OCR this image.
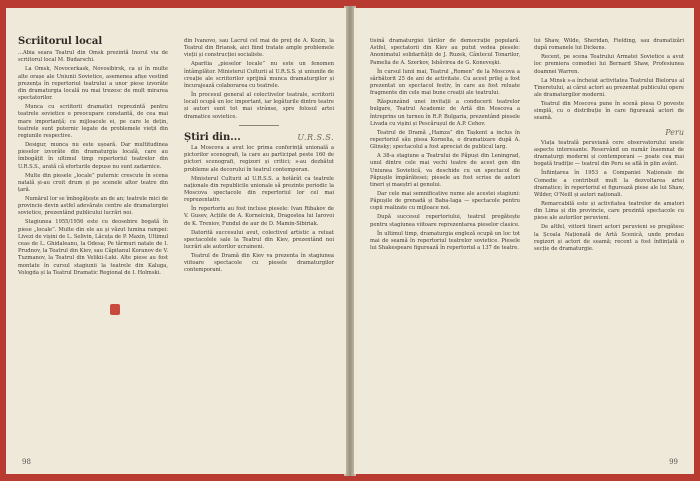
Scriitorul local

...Abia seara Teatrul din Omsk prezintă Inorul via de scriitorul local M. Budarschi.

La Omsk, Novocerkask, Novosibirsk, ca și în multe alte orașe ale Uniunii Sovietice, asemenea afișe vestind prezența în repertoriul teatrului a unor piese izvorâte din dramaturgia locală nu mai trezesc de mult mirarea spectatorilor.

Munca cu scriitorii dramatici reprezintă pentru teatrele sovietice o preocupare constantă, de cea mai mare importanță; cu mijloacele ei, pe care le dețin, teatrele sunt puternic legate de problemele vieții din regiunile respective.

Desigur, munca nu este ușoară. Dar multitudinea pieselor izvorâte din dramaturgia locală, care au îmbogățit în ultimul timp repertoriul teatrelor din U.R.S.S., arată că eforturile depuse nu sunt zadarnice.

Multe din piesele „locale” puternic crescute în scena natală și-au croit drum și pe scenele altor teatre din țară.

Numărul lor se îmbogățește an de an; teatrele mici de provincie devin astfel adevărate centre ale dramaturgiei sovietice, prezentând publicului lucrări noi.

Stagiunea 1955/1956 este cu deosebire bogată în piese „locale”. Multe din ele au și văzut lumina rampei: Livezi de vișini de L. Selivin, Lăcuța de P. Maxin, Ultimul ceas de L. Ghidaleanu, la Odesa; Pe tărmuri natale de I. Prudnov, la Teatrul din Kiev, sau Căpitanul Koranov de V. Tuzmanov, la Teatrul din Velikii-Luki. Alte piese au fost montate în cursul stagiunii la teatrele din Kaluga, Vologda și la Teatrul Dramatic Regional de I. Holmski.

din Ivanovo, sau Lacrul cel mai de preț de A. Kozin, la Teatrul din Briansk, aici fiind tratate ample problemele vieții și construcției socialiste.

Aparitia „pieselor locale” nu este un fenomen întâmplător. Ministerul Culturii al U.R.S.S. și uniunile de creație ale scriitorilor sprijină munca dramaturgilor și încurajează colaborarea cu teatrele.

În procesul general al colectivelor teatrale, scriitorii locali ocupă un loc important, iar legăturile dintre teatre și autori sunt tot mai strânse, spre folosul artei dramatice sovietice.

Știri din...	U.R.S.S.

La Moscova a avut loc prima conferință unională a pictorilor scenografi, la care au participat peste 160 de pictori scenografi, regizori și critici; s-au dezbătut probleme ale decorului în teatrul contemporan.

Ministerul Culturii al U.R.S.S. a hotărât ca teatrele naționale din republicile unionale să prezinte periodic la Moscova spectacole din repertoriul lor cel mai reprezentativ.

În repertoriu au fost incluse piesele: Ivan Ribakov de V. Gusev, Acțiile de A. Korneiciuk, Dragostea lui Iarovoi de K. Treniov, Fundul de aur de D. Mamin-Sibiriak.

Datorită succesului avut, colectivul artistic a reluat spectacolele sale la Teatrul din Kiev, prezentând noi lucrări ale autorilor ucraineni.

Teatrul de Dramă din Kiev va prezenta în stagiunea viitoare spectacole cu piesele dramaturgilor contemporani.

98

tisină dramaturgiei țărilor de democrație populară. Astfel, spectatorii din Kiev au putut vedea piesele: Anonimatul solidarității de J. Ruzek, Cântecul Tonarilor, Pamelia de A. Szerkov, Isbăvirea de G. Koneveşki.

În cursul lunii mai, Teatrul „Romen” de la Moscova a sărbătorit 25 de ani de activitate. Cu acest prilej a fost prezentat un spectacol festiv, în care au fost reluate fragmente din cele mai bune creații ale teatrului.

Răspunzând unei invitații a conducerii teatrelor bulgare, Teatrul Academic de Artă din Moscova a întreprins un turneu în R.P. Bulgaria, prezentând piesele Livada cu vișini și Pescărușul de A.P. Cehov.

Teatrul de Dramă „Hamza” din Tașkent a inclus în repertoriul său piesa Kornelia, o dramatizare după A. Glinsky; spectacolul a fost apreciat de publicul larg.

A 38-a stagiune a Teatrului de Păpuși din Leningrad, unul dintre cele mai vechi teatre de acest gen din Uniunea Sovietică, va deschide cu un spectacol de Păpușile împărătesei; piesele au fost scrise de autori tineri și maeștri ai genului.

Dar cele mai semnificative nume ale acestei stagiuni: Păpușile de grenadă și Baba-Iaga — spectacole pentru copii realizate cu mijloace noi.

După succesul repertoriului, teatrul pregătește pentru stagiunea viitoare reprezentarea pieselor clasice.

În ultimul timp, dramaturgia engleză ocupă un loc tot mai de seamă în repertoriul teatrelor sovietice. Piesele lui Shakespeare figurează în repertoriul a 137 de teatre.

lui Shaw, Wilde, Sheridan, Fielding, sau dramatizări după romanele lui Dickens.

Recent, pe scena Teatrului Armatei Sovietice a avut loc premiera comediei lui Bernard Shaw, Profesiunea doamnei Warren.

La Minsk s-a încheiat activitatea Teatrului Bielorus al Tineretului, ai cărui actori au prezentat publicului opere ale dramaturgilor moderni.

Teatrul din Moscova pune în scenă piesa O poveste simplă, cu o distribuție în care figurează actori de seamă.

Peru

Viața teatrală peruviană cere observatorului unele aspecte interesante. Reservând un număr însemnat de dramaturgi moderni și contemporani — poate cea mai bogată tradiție — teatrul din Peru se află în plin avânt.

Înființarea în 1953 a Companiei Naționale de Comedie a contribuit mult la dezvoltarea artei dramatice; în repertoriul ei figurează piese ale lui Shaw, Wilder, O'Neill și autori naționali.

Remarcabilă este și activitatea teatrelor de amatori din Lima și din provincie, care prezintă spectacole cu piese ale autorilor peruvieni.

De altfel, viitorii tineri actori peruvieni se pregătesc la Școala Națională de Artă Scenică, unde predau regizori și actori de seamă; recent a fost înființată o secție de dramaturgie.

99
